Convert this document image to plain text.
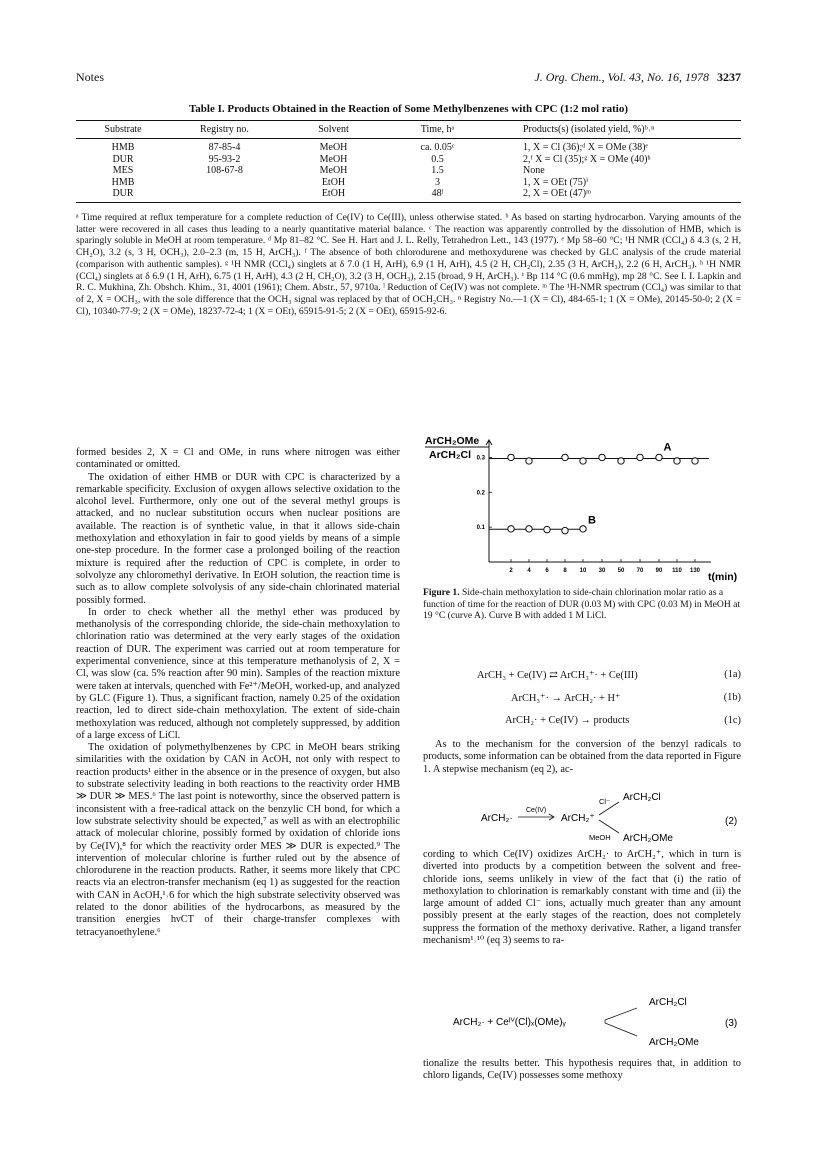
Notes	J. Org. Chem., Vol. 43, No. 16, 1978 3237
Table I. Products Obtained in the Reaction of Some Methylbenzenes with CPC (1:2 mol ratio)
Substrate	Registry no.	Solvent	Time, hᵃ	Products(s) (isolated yield, %)ᵇ˒ⁿ
HMB	87-85-4	MeOH	ca. 0.05ᶜ	1, X = Cl (36);ᵈ X = OMe (38)ᵉ
DUR	95-93-2	MeOH	0.5	2,ᶠ X = Cl (35);ᵍ X = OMe (40)ʰ
MES	108-67-8	MeOH	1.5	None
HMB		EtOH	3	1, X = OEt (75)ⁱ
DUR		EtOH	48ˡ	2, X = OEt (47)ᵐ
ᵃ Time required at reflux temperature for a complete reduction of Ce(IV) to Ce(III), unless otherwise stated. ᵇ As based on starting hydrocarbon. Varying amounts of the latter were recovered in all cases thus leading to a nearly quantitative material balance. ᶜ The reaction was apparently controlled by the dissolution of HMB, which is sparingly soluble in MeOH at room temperature. ᵈ Mp 81–82 °C. See H. Hart and J. L. Relly, Tetrahedron Lett., 143 (1977). ᵉ Mp 58–60 °C; ¹H NMR (CCl₄) δ 4.3 (s, 2 H, CH₂O), 3.2 (s, 3 H, OCH₃), 2.0–2.3 (m, 15 H, ArCH₃). ᶠ The absence of both chlorodurene and methoxydurene was checked by GLC analysis of the crude material (comparison with authentic samples). ᵍ ¹H NMR (CCl₄) singlets at δ 7.0 (1 H, ArH), 6.9 (1 H, ArH), 4.5 (2 H, CH₂Cl), 2.35 (3 H, ArCH₃), 2.2 (6 H, ArCH₃). ʰ ¹H NMR (CCl₄) singlets at δ 6.9 (1 H, ArH), 6.75 (1 H, ArH), 4.3 (2 H, CH₂O), 3.2 (3 H, OCH₃), 2.15 (broad, 9 H, ArCH₃). ⁱ Bp 114 °C (0.6 mmHg), mp 28 °C. See I. I. Lapkin and R. C. Mukhina, Zh. Obshch. Khim., 31, 4001 (1961); Chem. Abstr., 57, 9710a. ˡ Reduction of Ce(IV) was not complete. ᵐ The ¹H-NMR spectrum (CCl₄) was similar to that of 2, X = OCH₃, with the sole difference that the OCH₃ signal was replaced by that of OCH₂CH₃. ⁿ Registry No.—1 (X = Cl), 484-65-1; 1 (X = OMe), 20145-50-0; 2 (X = Cl), 10340-77-9; 2 (X = OMe), 18237-72-4; 1 (X = OEt), 65915-91-5; 2 (X = OEt), 65915-92-6.

formed besides 2, X = Cl and OMe, in runs where nitrogen was either contaminated or omitted.

The oxidation of either HMB or DUR with CPC is characterized by a remarkable specificity. Exclusion of oxygen allows selective oxidation to the alcohol level. Furthermore, only one out of the several methyl groups is attacked, and no nuclear substitution occurs when nuclear positions are available. The reaction is of synthetic value, in that it allows side-chain methoxylation and ethoxylation in fair to good yields by means of a simple one-step procedure. In the former case a prolonged boiling of the reaction mixture is required after the reduction of CPC is complete, in order to solvolyze any chloromethyl derivative. In EtOH solution, the reaction time is such as to allow complete solvolysis of any side-chain chlorinated material possibly formed.

In order to check whether all the methyl ether was produced by methanolysis of the corresponding chloride, the side-chain methoxylation to chlorination ratio was determined at the very early stages of the oxidation reaction of DUR. The experiment was carried out at room temperature for experimental convenience, since at this temperature methanolysis of 2, X = Cl, was slow (ca. 5% reaction after 90 min). Samples of the reaction mixture were taken at intervals, quenched with Fe²⁺/MeOH, worked-up, and analyzed by GLC (Figure 1). Thus, a significant fraction, namely 0.25 of the oxidation reaction, led to direct side-chain methoxylation. The extent of side-chain methoxylation was reduced, although not completely suppressed, by addition of a large excess of LiCl.

The oxidation of polymethylbenzenes by CPC in MeOH bears striking similarities with the oxidation by CAN in AcOH, not only with respect to reaction products¹ either in the absence or in the presence of oxygen, but also to substrate selectivity leading in both reactions to the reactivity order HMB ≫ DUR ≫ MES.⁶ The last point is noteworthy, since the observed pattern is inconsistent with a free-radical attack on the benzylic CH bond, for which a low substrate selectivity should be expected,⁷ as well as with an electrophilic attack of molecular chlorine, possibly formed by oxidation of chloride ions by Ce(IV),⁸ for which the reactivity order MES ≫ DUR is expected.⁹ The intervention of molecular chlorine is further ruled out by the absence of chlorodurene in the reaction products. Rather, it seems more likely that CPC reacts via an electron-transfer mechanism (eq 1) as suggested for the reaction with CAN in AcOH,¹˒6 for which the high substrate selectivity observed was related to the donor abilities of the hydrocarbons, as measured by the transition energies hνCT of their charge-transfer complexes with tetracyanoethylene.⁶

ArCH₂OMe
ArCH₂Cl
2 4 6 8 10 30 50 70 90 110 130
0.1
0.2
0.3
A
B
t(min)
Figure 1. Side-chain methoxylation to side-chain chlorination molar ratio as a function of time for the reaction of DUR (0.03 M) with CPC (0.03 M) in MeOH at 19 °C (curve A). Curve B with added 1 M LiCl.
ArCH₃ + Ce(IV) ⇄ ArCH₃⁺· + Ce(III)	(1a)
ArCH₃⁺· → ArCH₂· + H⁺	(1b)
ArCH₂· + Ce(IV) → products	(1c)

As to the mechanism for the conversion of the benzyl radicals to products, some information can be obtained from the data reported in Figure 1. A stepwise mechanism (eq 2), ac-

ArCH₂·
Ce(IV)
ArCH₂⁺
Cl⁻ ArCH₂Cl
MeOH ArCH₂OMe
(2)

cording to which Ce(IV) oxidizes ArCH₂· to ArCH₂⁺, which in turn is diverted into products by a competition between the solvent and free-chloride ions, seems unlikely in view of the fact that (i) the ratio of methoxylation to chlorination is remarkably constant with time and (ii) the large amount of added Cl⁻ ions, actually much greater than any amount possibly present at the early stages of the reaction, does not completely suppress the formation of the methoxy derivative. Rather, a ligand transfer mechanism¹˒¹⁰ (eq 3) seems to ra-

ArCH₂· + Ceᴵⱽ(Cl)ₓ(OMe)ᵧ
ArCH₂Cl
ArCH₂OMe
(3)

tionalize the results better. This hypothesis requires that, in addition to chloro ligands, Ce(IV) possesses some methoxy
